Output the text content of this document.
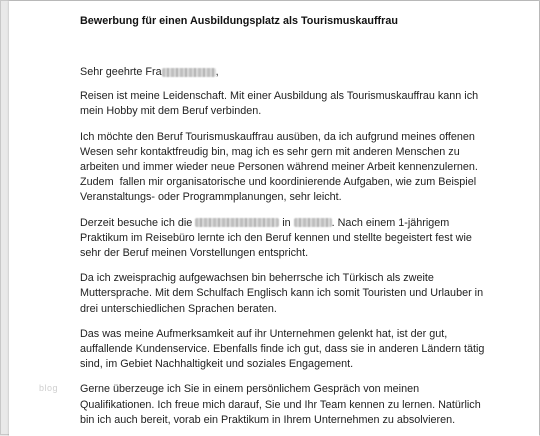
Bewerbung für einen Ausbildungsplatz als Tourismuskauffrau
Sehr geehrte Fra	,
Reisen ist meine Leidenschaft. Mit einer Ausbildung als Tourismuskauffrau kann ich
mein Hobby mit dem Beruf verbinden.
Ich möchte den Beruf Tourismuskauffrau ausüben, da ich aufgrund meines offenen
Wesen sehr kontaktfreudig bin, mag ich es sehr gern mit anderen Menschen zu
arbeiten und immer wieder neue Personen während meiner Arbeit kennenzulernen.
Zudem  fallen mir organisatorische und koordinierende Aufgaben, wie zum Beispiel
Veranstaltungs- oder Programmplanungen, sehr leicht.
Derzeit besuche ich die	in	. Nach einem 1-jährigem
Praktikum im Reisebüro lernte ich den Beruf kennen und stellte begeistert fest wie
sehr der Beruf meinen Vorstellungen entspricht.
Da ich zweisprachig aufgewachsen bin beherrsche ich Türkisch als zweite
Muttersprache. Mit dem Schulfach Englisch kann ich somit Touristen und Urlauber in
drei unterschiedlichen Sprachen beraten.
Das was meine Aufmerksamkeit auf ihr Unternehmen gelenkt hat, ist der gut,
auffallende Kundenservice. Ebenfalls finde ich gut, dass sie in anderen Ländern tätig
sind, im Gebiet Nachhaltigkeit und soziales Engagement.
Gerne überzeuge ich Sie in einem persönlichem Gespräch von meinen
Qualifikationen. Ich freue mich darauf, Sie und Ihr Team kennen zu lernen. Natürlich
bin ich auch bereit, vorab ein Praktikum in Ihrem Unternehmen zu absolvieren.
blog
